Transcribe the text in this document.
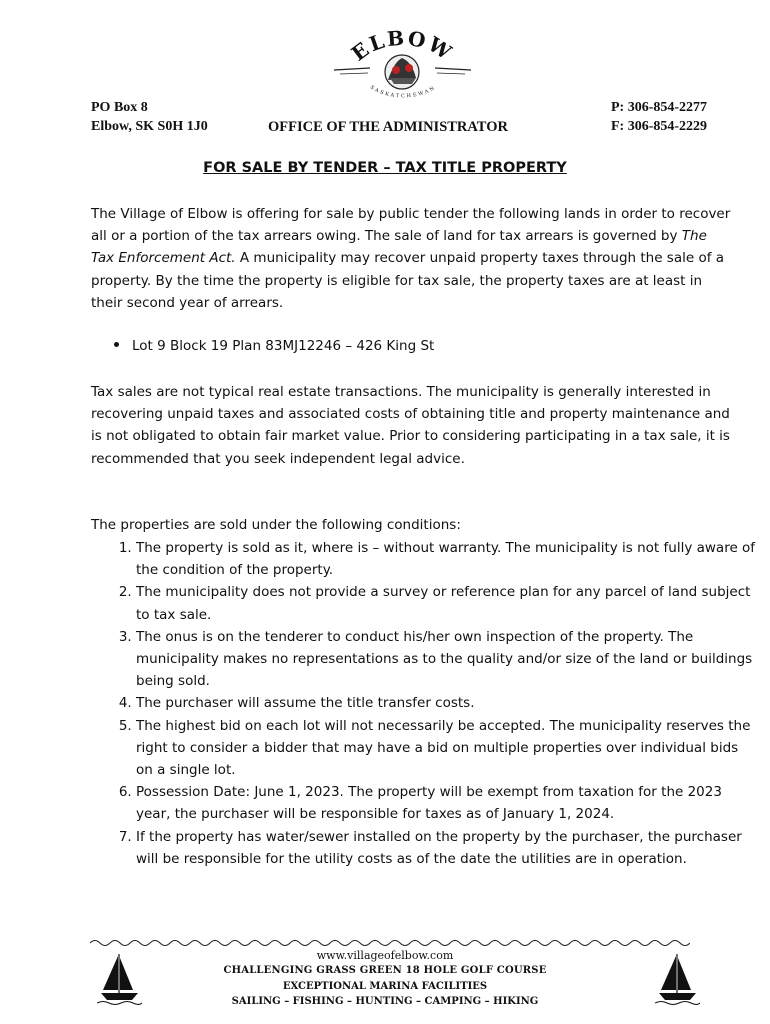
ELBOW
SASKATCHEWAN
PO Box 8
Elbow, SK S0H 1J0	OFFICE OF THE ADMINISTRATOR
P: 306-854-2277
F: 306-854-2229
FOR SALE BY TENDER – TAX TITLE PROPERTY
The Village of Elbow is offering for sale by public tender the following lands in order to recover all or a portion of the tax arrears owing. The sale of land for tax arrears is governed by The Tax Enforcement Act. A municipality may recover unpaid property taxes through the sale of a property. By the time the property is eligible for tax sale, the property taxes are at least in their second year of arrears.
Lot 9 Block 19 Plan 83MJ12246 – 426 King St
Tax sales are not typical real estate transactions. The municipality is generally interested in recovering unpaid taxes and associated costs of obtaining title and property maintenance and is not obligated to obtain fair market value. Prior to considering participating in a tax sale, it is recommended that you seek independent legal advice.
The properties are sold under the following conditions:
1. The property is sold as it, where is – without warranty. The municipality is not fully aware of the condition of the property.
2. The municipality does not provide a survey or reference plan for any parcel of land subject to tax sale.
3. The onus is on the tenderer to conduct his/her own inspection of the property. The municipality makes no representations as to the quality and/or size of the land or buildings being sold.
4. The purchaser will assume the title transfer costs.
5. The highest bid on each lot will not necessarily be accepted. The municipality reserves the right to consider a bidder that may have a bid on multiple properties over individual bids on a single lot.
6. Possession Date: June 1, 2023. The property will be exempt from taxation for the 2023 year, the purchaser will be responsible for taxes as of January 1, 2024.
7. If the property has water/sewer installed on the property by the purchaser, the purchaser will be responsible for the utility costs as of the date the utilities are in operation.
www.villageofelbow.com
CHALLENGING GRASS GREEN 18 HOLE GOLF COURSE
EXCEPTIONAL MARINA FACILITIES
SAILING – FISHING – HUNTING – CAMPING – HIKING
